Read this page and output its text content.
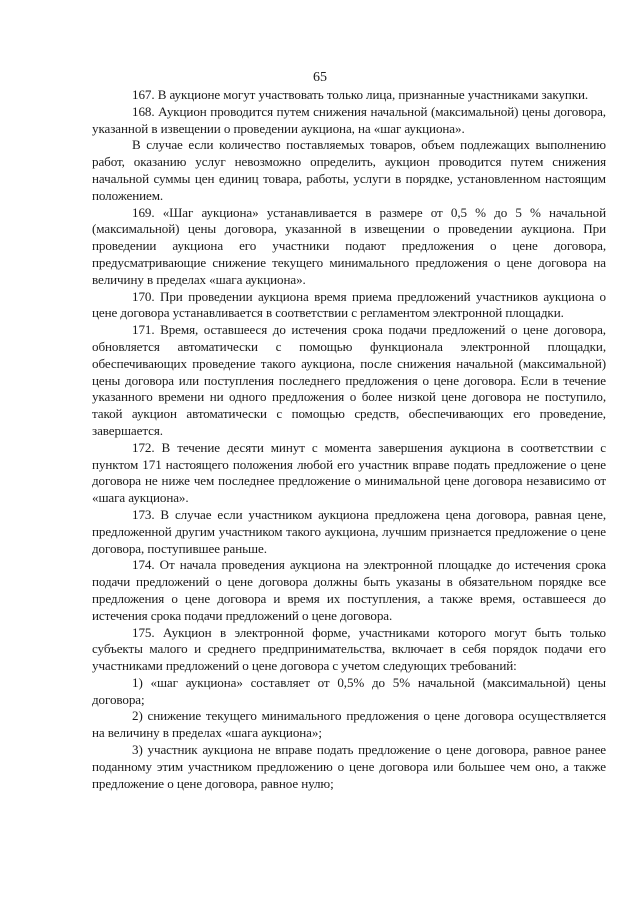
65

167. В аукционе могут участвовать только лица, признанные участниками закупки.

168. Аукцион проводится путем снижения начальной (максимальной) цены договора, указанной в извещении о проведении аукциона, на «шаг аукциона».

В случае если количество поставляемых товаров, объем подлежащих выполнению работ, оказанию услуг невозможно определить, аукцион проводится путем снижения начальной суммы цен единиц товара, работы, услуги в порядке, установленном настоящим положением.

169. «Шаг аукциона» устанавливается в размере от 0,5 % до 5 % начальной (максимальной) цены договора, указанной в извещении о проведении аукциона. При проведении аукциона его участники подают предложения о цене договора, предусматривающие снижение текущего минимального предложения о цене договора на величину в пределах «шага аукциона».

170. При проведении аукциона время приема предложений участников аукциона о цене договора устанавливается в соответствии с регламентом электронной площадки.

171. Время, оставшееся до истечения срока подачи предложений о цене договора, обновляется автоматически с помощью функционала электронной площадки, обеспечивающих проведение такого аукциона, после снижения начальной (максимальной) цены договора или поступления последнего предложения о цене договора. Если в течение указанного времени ни одного предложения о более низкой цене договора не поступило, такой аукцион автоматически с помощью средств, обеспечивающих его проведение, завершается.

172. В течение десяти минут с момента завершения аукциона в соответствии с пунктом 171 настоящего положения любой его участник вправе подать предложение о цене договора не ниже чем последнее предложение о минимальной цене договора независимо от «шага аукциона».

173. В случае если участником аукциона предложена цена договора, равная цене, предложенной другим участником такого аукциона, лучшим признается предложение о цене договора, поступившее раньше.

174. От начала проведения аукциона на электронной площадке до истечения срока подачи предложений о цене договора должны быть указаны в обязательном порядке все предложения о цене договора и время их поступления, а также время, оставшееся до истечения срока подачи предложений о цене договора.

175. Аукцион в электронной форме, участниками которого могут быть только субъекты малого и среднего предпринимательства, включает в себя порядок подачи его участниками предложений о цене договора с учетом следующих требований:

1) «шаг аукциона» составляет от 0,5% до 5% начальной (максимальной) цены договора;

2) снижение текущего минимального предложения о цене договора осуществляется на величину в пределах «шага аукциона»;

3) участник аукциона не вправе подать предложение о цене договора, равное ранее поданному этим участником предложению о цене договора или большее чем оно, а также предложение о цене договора, равное нулю;
